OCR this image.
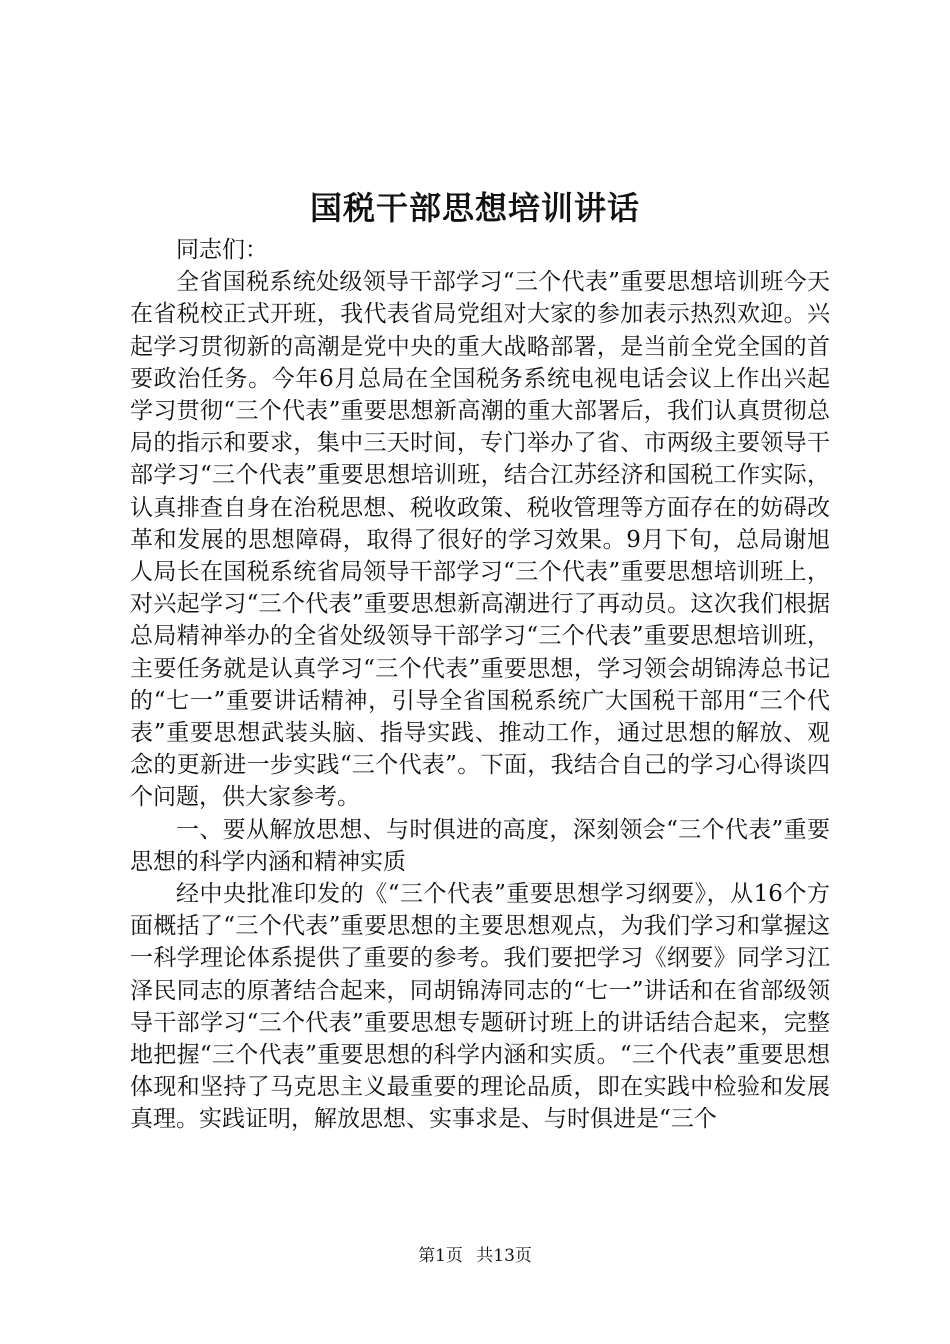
国税干部思想培训讲话

同志们：

全省国税系统处级领导干部学习“三个代表”重要思想培训班今天在省税校正式开班，我代表省局党组对大家的参加表示热烈欢迎。兴起学习贯彻新的高潮是党中央的重大战略部署，是当前全党全国的首要政治任务。今年6月总局在全国税务系统电视电话会议上作出兴起学习贯彻“三个代表”重要思想新高潮的重大部署后，我们认真贯彻总局的指示和要求，集中三天时间，专门举办了省、市两级主要领导干部学习“三个代表”重要思想培训班，结合江苏经济和国税工作实际，认真排查自身在治税思想、税收政策、税收管理等方面存在的妨碍改革和发展的思想障碍，取得了很好的学习效果。9月下旬，总局谢旭人局长在国税系统省局领导干部学习“三个代表”重要思想培训班上，对兴起学习“三个代表”重要思想新高潮进行了再动员。这次我们根据总局精神举办的全省处级领导干部学习“三个代表”重要思想培训班，主要任务就是认真学习“三个代表”重要思想，学习领会胡锦涛总书记的“七一”重要讲话精神，引导全省国税系统广大国税干部用“三个代表”重要思想武装头脑、指导实践、推动工作，通过思想的解放、观念的更新进一步实践“三个代表”。下面，我结合自己的学习心得谈四个问题，供大家参考。

一、要从解放思想、与时俱进的高度，深刻领会“三个代表”重要思想的科学内涵和精神实质

经中央批准印发的《“三个代表”重要思想学习纲要》，从16个方面概括了“三个代表”重要思想的主要思想观点，为我们学习和掌握这一科学理论体系提供了重要的参考。我们要把学习《纲要》同学习江泽民同志的原著结合起来，同胡锦涛同志的“七一”讲话和在省部级领导干部学习“三个代表”重要思想专题研讨班上的讲话结合起来，完整地把握“三个代表”重要思想的科学内涵和实质。“三个代表”重要思想体现和坚持了马克思主义最重要的理论品质，即在实践中检验和发展真理。实践证明，解放思想、实事求是、与时俱进是“三个

第1页 共13页
